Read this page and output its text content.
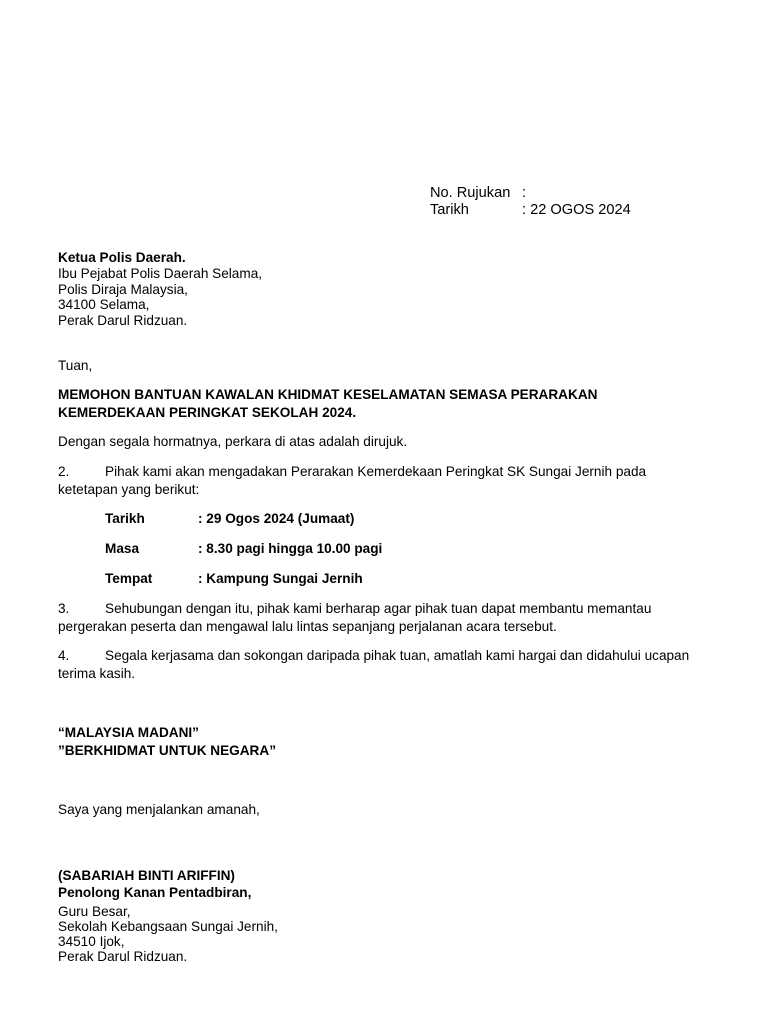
No. Rujukan :
Tarikh	: 22 OGOS 2024
Ketua Polis Daerah.
Ibu Pejabat Polis Daerah Selama,
Polis Diraja Malaysia,
34100 Selama,
Perak Darul Ridzuan.
Tuan,
MEMOHON BANTUAN KAWALAN KHIDMAT KESELAMATAN SEMASA PERARAKAN
KEMERDEKAAN PERINGKAT SEKOLAH 2024.
Dengan segala hormatnya, perkara di atas adalah dirujuk.
2.	Pihak kami akan mengadakan Perarakan Kemerdekaan Peringkat SK Sungai Jernih pada
ketetapan yang berikut:
Tarikh	: 29 Ogos 2024 (Jumaat)
Masa	: 8.30 pagi hingga 10.00 pagi
Tempat	: Kampung Sungai Jernih
3.	Sehubungan dengan itu, pihak kami berharap agar pihak tuan dapat membantu memantau
pergerakan peserta dan mengawal lalu lintas sepanjang perjalanan acara tersebut.
4.	Segala kerjasama dan sokongan daripada pihak tuan, amatlah kami hargai dan didahului ucapan
terima kasih.
“MALAYSIA MADANI”
”BERKHIDMAT UNTUK NEGARA”
Saya yang menjalankan amanah,
(SABARIAH BINTI ARIFFIN)
Penolong Kanan Pentadbiran,
Guru Besar,
Sekolah Kebangsaan Sungai Jernih,
34510 Ijok,
Perak Darul Ridzuan.
